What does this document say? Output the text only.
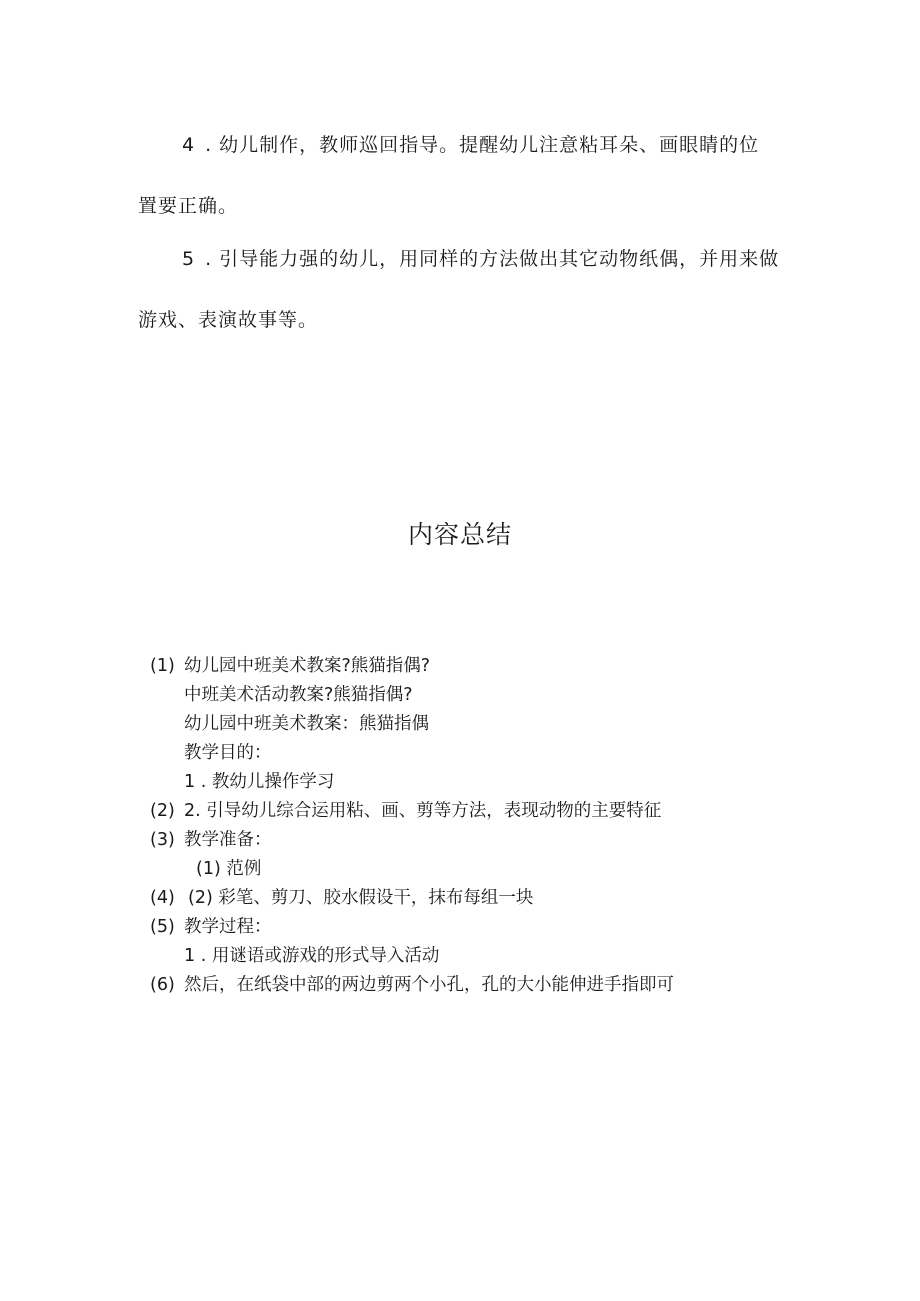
4 . 幼儿制作，教师巡回指导。提醒幼儿注意粘耳朵、画眼睛的位
置要正确。

5 . 引导能力强的幼儿，用同样的方法做出其它动物纸偶，并用来做
游戏、表演故事等。

内容总结
(1) 幼儿园中班美术教案?熊猫指偶?
中班美术活动教案?熊猫指偶?
幼儿园中班美术教案：熊猫指偶
教学目的：
1 . 教幼儿操作学习
(2) 2. 引导幼儿综合运用粘、画、剪等方法，表现动物的主要特征
(3) 教学准备：
(1) 范例
(4) (2) 彩笔、剪刀、胶水假设干，抹布每组一块
(5) 教学过程：
1 . 用谜语或游戏的形式导入活动
(6) 然后，在纸袋中部的两边剪两个小孔，孔的大小能伸进手指即可
